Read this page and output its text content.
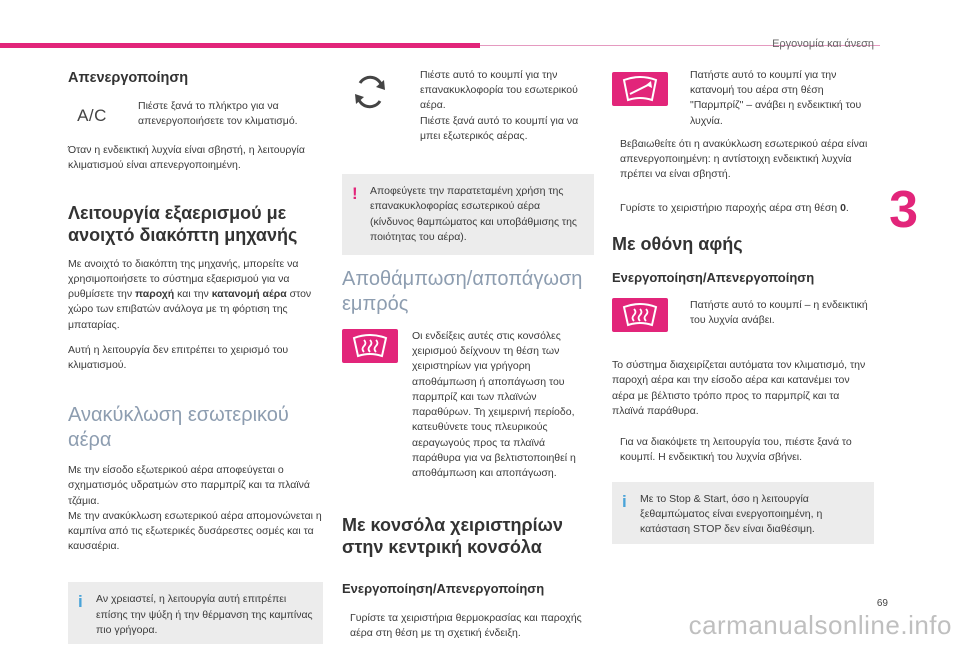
Εργονομία και άνεση
3
Απενεργοποίηση
A/C	Πιέστε ξανά το πλήκτρο για να απενεργοποιήσετε τον κλιματισμό.

Όταν η ενδεικτική λυχνία είναι σβηστή, η λειτουργία κλιματισμού είναι απενεργοποιημένη.

Λειτουργία εξαερισμού με ανοιχτό διακόπτη μηχανής

Με ανοιχτό το διακόπτη της μηχανής, μπορείτε να χρησιμοποιήσετε το σύστημα εξαερισμού για να ρυθμίσετε την παροχή και την κατανομή αέρα στον χώρο των επιβατών ανάλογα με τη φόρτιση της μπαταρίας.

Αυτή η λειτουργία δεν επιτρέπει το χειρισμό του κλιματισμού.

Ανακύκλωση εσωτερικού αέρα

Με την είσοδο εξωτερικού αέρα αποφεύγεται ο σχηματισμός υδρατμών στο παρμπρίζ και τα πλαϊνά τζάμια.

Με την ανακύκλωση εσωτερικού αέρα απομονώνεται η καμπίνα από τις εξωτερικές δυσάρεστες οσμές και τα καυσαέρια.

i Αν χρειαστεί, η λειτουργία αυτή επιτρέπει επίσης την ψύξη ή την θέρμανση της καμπίνας πιο γρήγορα.
Πιέστε αυτό το κουμπί για την επανακυκλοφορία του εσωτερικού αέρα.
Πιέστε ξανά αυτό το κουμπί για να μπει εξωτερικός αέρας.
! Αποφεύγετε την παρατεταμένη χρήση της επανακυκλοφορίας εσωτερικού αέρα (κίνδυνος θαμπώματος και υποβάθμισης της ποιότητας του αέρα).

Αποθάμπωση/αποπάγωση εμπρός

Οι ενδείξεις αυτές στις κονσόλες χειρισμού δείχνουν τη θέση των χειριστηρίων για γρήγορη αποθάμπωση ή αποπάγωση του παρμπρίζ και των πλαϊνών παραθύρων. Τη χειμερινή περίοδο, κατευθύνετε τους πλευρικούς αεραγωγούς προς τα πλαϊνά παράθυρα για να βελτιστοποιηθεί η αποθάμπωση και αποπάγωση.

Με κονσόλα χειριστηρίων στην κεντρική κονσόλα
Ενεργοποίηση/Απενεργοποίηση
Γυρίστε τα χειριστήρια θερμοκρασίας και παροχής αέρα στη θέση με τη σχετική ένδειξη.
Πατήστε αυτό το κουμπί για την κατανομή του αέρα στη θέση "Παρμπρίζ" – ανάβει η ενδεικτική του λυχνία.
Βεβαιωθείτε ότι η ανακύκλωση εσωτερικού αέρα είναι απενεργοποιημένη: η αντίστοιχη ενδεικτική λυχνία πρέπει να είναι σβηστή.
Γυρίστε το χειριστήριο παροχής αέρα στη θέση 0.
Με οθόνη αφής
Ενεργοποίηση/Απενεργοποίηση
Πατήστε αυτό το κουμπί – η ενδεικτική του λυχνία ανάβει.

Το σύστημα διαχειρίζεται αυτόματα τον κλιματισμό, την παροχή αέρα και την είσοδο αέρα και κατανέμει τον αέρα με βέλτιστο τρόπο προς το παρμπρίζ και τα πλαϊνά παράθυρα.

Για να διακόψετε τη λειτουργία του, πιέστε ξανά το κουμπί. Η ενδεικτική του λυχνία σβήνει.
i Με το Stop & Start, όσο η λειτουργία ξεθαμπώματος είναι ενεργοποιημένη, η κατάσταση STOP δεν είναι διαθέσιμη.
69
carmanualsonline.info
